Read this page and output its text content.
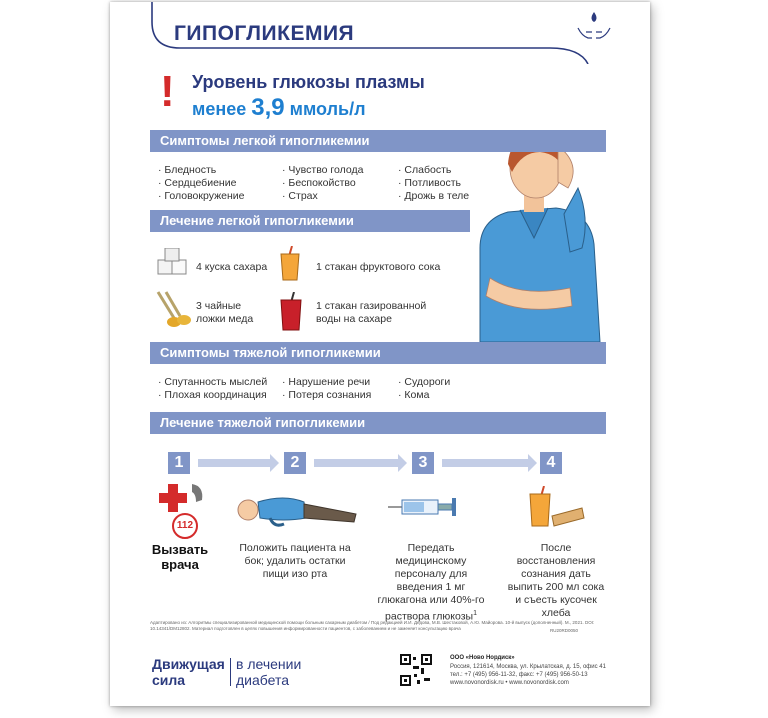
ГИПОГЛИКЕМИЯ
! Уровень глюкозы плазмы
менее 3,9 ммоль/л
Симптомы легкой гипогликемии
· Бледность
· Сердцебиение
· Головокружение
· Чувство голода
· Беспокойство
· Страх
· Слабость
· Потливость
· Дрожь в теле
Лечение легкой гипогликемии
4 куска сахара	1 стакан фруктового сока
3 чайные ложки меда
1 стакан газированной воды на сахаре
Симптомы тяжелой гипогликемии
· Спутанность мыслей
· Плохая координация
· Нарушение речи
· Потеря сознания
· Судороги
· Кома
Лечение тяжелой гипогликемии
1	2	3	4
112
Вызвать врача
Положить пациента на бок; удалить остатки пищи изо рта
Передать медицинскому персоналу для введения 1 мг глюкагона или 40%-го раствора глюкозы$^1$
После восстановления сознания дать выпить 200 мл сока и съесть кусочек хлеба
Адаптировано из: Алгоритмы специализированной медицинской помощи больным сахарным диабетом / Под редакцией И.И. Дедова, М.В. Шестаковой, А.Ю. Майорова. 10-й выпуск (дополненный). М., 2021. DOI: 10.14341/DM12802. Материал подготовлен в целях повышения информированности пациентов, с заболеванием и не заменяет консультацию врача	RU20RD0050
Движущая
сила
в лечении
диабета
ООО «Ново Нордиск»
Россия, 121614, Москва, ул. Крылатская, д. 15, офис 41
тел.: +7 (495) 956-11-32, факс: +7 (495) 956-50-13
www.novonordisk.ru • www.novonordisk.com
